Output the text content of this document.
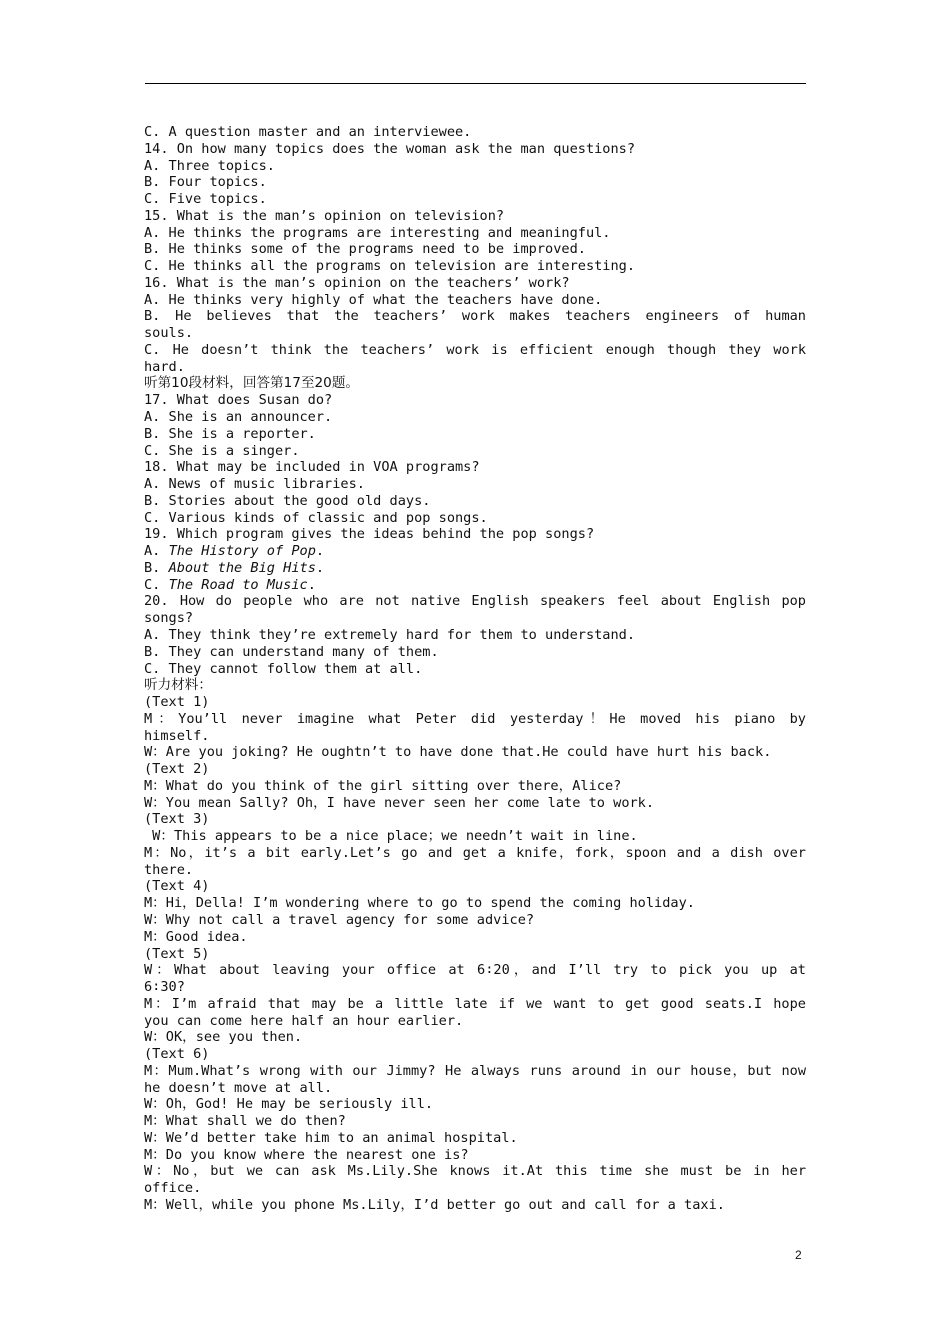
C. A question master and an interviewee.
14. On how many topics does the woman ask the man questions?
A. Three topics.
B. Four topics.
C. Five topics.
15. What is the man’s opinion on television?
A. He thinks the programs are interesting and meaningful.
B. He thinks some of the programs need to be improved.
C. He thinks all the programs on television are interesting.
16. What is the man’s opinion on the teachers’ work?
A. He thinks very highly of what the teachers have done.
B. He believes that the teachers’ work makes teachers engineers of human
souls.
C. He doesn’t think the teachers’ work is efficient enough though they work
hard.
听第10段材料，回答第17至20题。
17. What does Susan do?
A. She is an announcer.
B. She is a reporter.
C. She is a singer.
18. What may be included in VOA programs?
A. News of music libraries.
B. Stories about the good old days.
C. Various kinds of classic and pop songs.
19. Which program gives the ideas behind the pop songs?
A. The History of Pop.
B. About the Big Hits.
C. The Road to Music.
20. How do people who are not native English speakers feel about English pop
songs?
A. They think they’re extremely hard for them to understand.
B. They can understand many of them.
C. They cannot follow them at all.
听力材料：
(Text 1)
M：You’ll never imagine what Peter did yesterday！He moved his piano by
himself.
W：Are you joking? He oughtn’t to have done that.He could have hurt his back.
(Text 2)
M：What do you think of the girl sitting over there，Alice?
W：You mean Sally? Oh，I have never seen her come late to work.
(Text 3)
W：This appears to be a nice place；we needn’t wait in line.
M：No，it’s a bit early.Let’s go and get a knife，fork，spoon and a dish over
there.
(Text 4)
M：Hi，Della! I’m wondering where to go to spend the coming holiday.
W：Why not call a travel agency for some advice?
M：Good idea.
(Text 5)
W：What about leaving your office at 6∶20，and I’ll try to pick you up at
6∶30?
M：I’m afraid that may be a little late if we want to get good seats.I hope
you can come here half an hour earlier.
W：OK，see you then.
(Text 6)
M：Mum.What’s wrong with our Jimmy? He always runs around in our house，but now
he doesn’t move at all.
W：Oh，God! He may be seriously ill.
M：What shall we do then?
W：We’d better take him to an animal hospital.
M：Do you know where the nearest one is?
W：No，but we can ask Ms.Lily.She knows it.At this time she must be in her
office.
M：Well，while you phone Ms.Lily，I’d better go out and call for a taxi.
2
